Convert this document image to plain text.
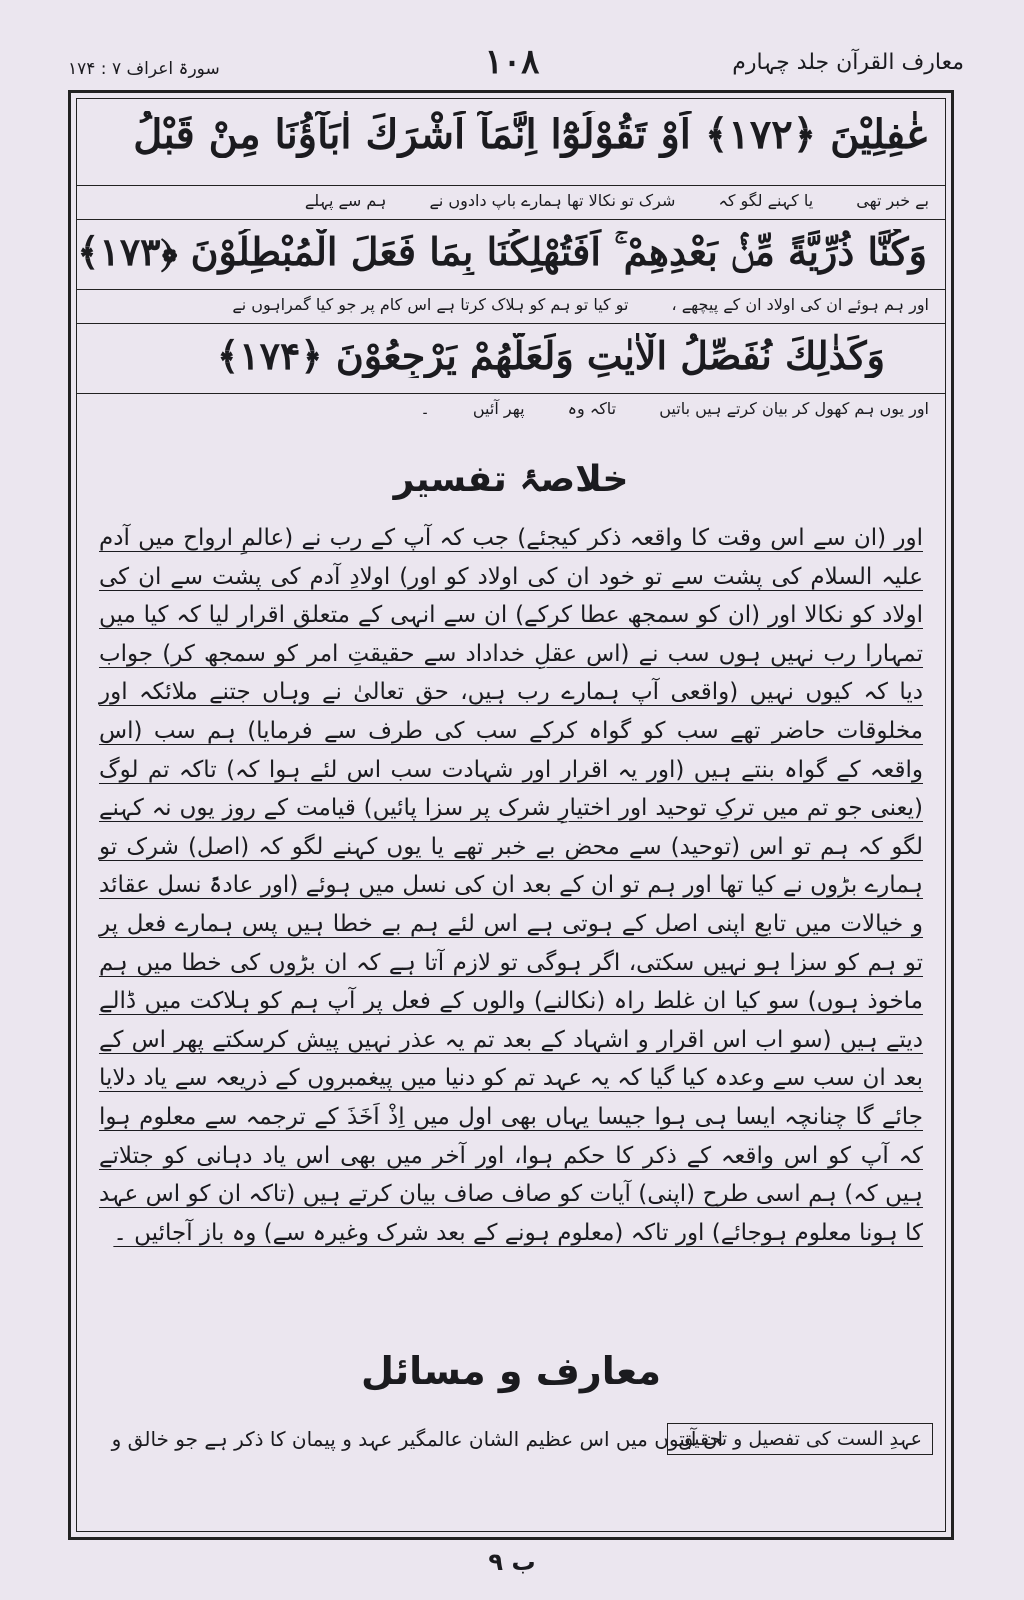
سورۃ اعراف ۷ : ۱۷۴	۱۰۸	معارف القرآن جلد چہارم
غٰفِلِيْنَ ﴿۱۷۲﴾ اَوْ تَقُوْلُوْٓا اِنَّمَآ اَشْرَكَ اٰبَآؤُنَا مِنْ قَبْلُ
بے خبر تھی یا کہنے لگو کہ شرک تو نکالا تھا ہمارے باپ دادوں نے ہم سے پہلے
وَكُنَّا ذُرِّيَّةً مِّنْۢ بَعْدِهِمْ ۚ اَفَتُهْلِكُنَا بِمَا فَعَلَ الْمُبْطِلُوْنَ ﴿۱۷۳﴾
اور ہم ہوئے ان کی اولاد ان کے پیچھے ، تو کیا تو ہم کو ہلاک کرتا ہے اس کام پر جو کیا گمراہوں نے
وَكَذٰلِكَ نُفَصِّلُ الْاٰيٰتِ وَلَعَلَّهُمْ يَرْجِعُوْنَ ﴿۱۷۴﴾
اور یوں ہم کھول کر بیان کرتے ہیں باتیں تاکہ وہ پھر آئیں ۔
خلاصۂ تفسیر

اور (ان سے اس وقت کا واقعہ ذکر کیجئے) جب کہ آپ کے رب نے (عالمِ ارواح میں آدم علیہ السلام کی پشت سے تو خود ان کی اولاد کو اور) اولادِ آدم کی پشت سے ان کی اولاد کو نکالا اور (ان کو سمجھ عطا کرکے) ان سے انہی کے متعلق اقرار لیا کہ کیا میں تمہارا رب نہیں ہوں سب نے (اس عقلِ خداداد سے حقیقتِ امر کو سمجھ کر) جواب دیا کہ کیوں نہیں (واقعی آپ ہمارے رب ہیں، حق تعالیٰ نے وہاں جتنے ملائکہ اور مخلوقات حاضر تھے سب کو گواہ کرکے سب کی طرف سے فرمایا) ہم سب (اس واقعہ کے گواہ بنتے ہیں (اور یہ اقرار اور شہادت سب اس لئے ہوا کہ) تاکہ تم لوگ (یعنی جو تم میں ترکِ توحید اور اختیارِ شرک پر سزا پائیں) قیامت کے روز یوں نہ کہنے لگو کہ ہم تو اس (توحید) سے محض بے خبر تھے یا یوں کہنے لگو کہ (اصل) شرک تو ہمارے بڑوں نے کیا تھا اور ہم تو ان کے بعد ان کی نسل میں ہوئے (اور عادۃً نسل عقائد و خیالات میں تابع اپنی اصل کے ہوتی ہے اس لئے ہم بے خطا ہیں پس ہمارے فعل پر تو ہم کو سزا ہو نہیں سکتی، اگر ہوگی تو لازم آتا ہے کہ ان بڑوں کی خطا میں ہم ماخوذ ہوں) سو کیا ان غلط راہ (نکالنے) والوں کے فعل پر آپ ہم کو ہلاکت میں ڈالے دیتے ہیں (سو اب اس اقرار و اشہاد کے بعد تم یہ عذر نہیں پیش کرسکتے پھر اس کے بعد ان سب سے وعدہ کیا گیا کہ یہ عہد تم کو دنیا میں پیغمبروں کے ذریعہ سے یاد دلایا جائے گا چنانچہ ایسا ہی ہوا جیسا یہاں بھی اول میں اِذْ اَخَذَ کے ترجمہ سے معلوم ہوا کہ آپ کو اس واقعہ کے ذکر کا حکم ہوا، اور آخر میں بھی اس یاد دہانی کو جتلاتے ہیں کہ) ہم اسی طرح (اپنی) آیات کو صاف صاف بیان کرتے ہیں (تاکہ ان کو اس عہد کا ہونا معلوم ہوجائے) اور تاکہ (معلوم ہونے کے بعد شرک وغیرہ سے) وہ باز آجائیں ۔

معارف و مسائل
عہدِ الست کی تفصیل و تحقیق
ان آیتوں میں اس عظیم الشان عالمگیر عہد و پیمان کا ذکر ہے جو خالق و
۹ ب
